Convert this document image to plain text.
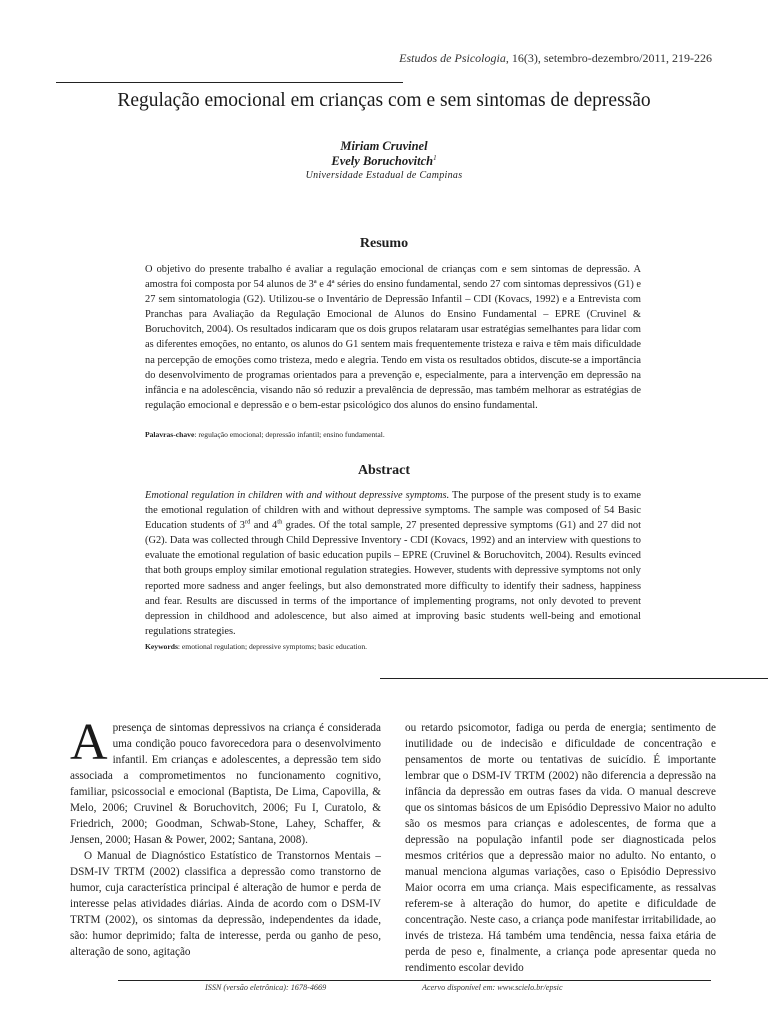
Estudos de Psicologia, 16(3), setembro-dezembro/2011, 219-226
Regulação emocional em crianças com e sem sintomas de depressão
Miriam Cruvinel
Evely Boruchovitch$^1$
Universidade Estadual de Campinas
Resumo

O objetivo do presente trabalho é avaliar a regulação emocional de crianças com e sem sintomas de depressão. A amostra foi composta por 54 alunos de 3ª e 4ª séries do ensino fundamental, sendo 27 com sintomas depressivos (G1) e 27 sem sintomatologia (G2). Utilizou-se o Inventário de Depressão Infantil – CDI (Kovacs, 1992) e a Entrevista com Pranchas para Avaliação da Regulação Emocional de Alunos do Ensino Fundamental – EPRE (Cruvinel & Boruchovitch, 2004). Os resultados indicaram que os dois grupos relataram usar estratégias semelhantes para lidar com as diferentes emoções, no entanto, os alunos do G1 sentem mais frequentemente tristeza e raiva e têm mais dificuldade na percepção de emoções como tristeza, medo e alegria. Tendo em vista os resultados obtidos, discute-se a importância do desenvolvimento de programas orientados para a prevenção e, especialmente, para a intervenção em depressão na infância e na adolescência, visando não só reduzir a prevalência de depressão, mas também melhorar as estratégias de regulação emocional e depressão e o bem-estar psicológico dos alunos do ensino fundamental.

Palavras-chave: regulação emocional; depressão infantil; ensino fundamental.
Abstract

Emotional regulation in children with and without depressive symptoms. The purpose of the present study is to exame the emotional regulation of children with and without depressive symptoms. The sample was composed of 54 Basic Education students of 3rd and 4th grades. Of the total sample, 27 presented depressive symptoms (G1) and 27 did not (G2). Data was collected through Child Depressive Inventory - CDI (Kovacs, 1992) and an interview with questions to evaluate the emotional regulation of basic education pupils – EPRE (Cruvinel & Boruchovitch, 2004). Results evinced that both groups employ similar emotional regulation strategies. However, students with depressive symptoms not only reported more sadness and anger feelings, but also demonstrated more difficulty to identify their sadness, happiness and fear. Results are discussed in terms of the importance of implementing programs, not only devoted to prevent depression in childhood and adolescence, but also aimed at improving basic students well-being and emotional regulations strategies.

Keywords: emotional regulation; depressive symptoms; basic education.

Apresença de sintomas depressivos na criança é considerada uma condição pouco favorecedora para o desenvolvimento infantil. Em crianças e adolescentes, a depressão tem sido associada a comprometimentos no funcionamento cognitivo, familiar, psicossocial e emocional (Baptista, De Lima, Capovilla, & Melo, 2006; Cruvinel & Boruchovitch, 2006; Fu I, Curatolo, & Friedrich, 2000; Goodman, Schwab-Stone, Lahey, Schaffer, & Jensen, 2000; Hasan & Power, 2002; Santana, 2008).

O Manual de Diagnóstico Estatístico de Transtornos Mentais – DSM-IV TRTM (2002) classifica a depressão como transtorno de humor, cuja característica principal é alteração de humor e perda de interesse pelas atividades diárias. Ainda de acordo com o DSM-IV TRTM (2002), os sintomas da depressão, independentes da idade, são: humor deprimido; falta de interesse, perda ou ganho de peso, alteração de sono, agitação

ou retardo psicomotor, fadiga ou perda de energia; sentimento de inutilidade ou de indecisão e dificuldade de concentração e pensamentos de morte ou tentativas de suicídio. É importante lembrar que o DSM-IV TRTM (2002) não diferencia a depressão na infância da depressão em outras fases da vida. O manual descreve que os sintomas básicos de um Episódio Depressivo Maior no adulto são os mesmos para crianças e adolescentes, de forma que a depressão na população infantil pode ser diagnosticada pelos mesmos critérios que a depressão maior no adulto. No entanto, o manual menciona algumas variações, caso o Episódio Depressivo Maior ocorra em uma criança. Mais especificamente, as ressalvas referem-se à alteração do humor, do apetite e dificuldade de concentração. Neste caso, a criança pode manifestar irritabilidade, ao invés de tristeza. Há também uma tendência, nessa faixa etária de perda de peso e, finalmente, a criança pode apresentar queda no rendimento escolar devido

ISSN (versão eletrônica): 1678-4669	Acervo disponível em: www.scielo.br/epsic
